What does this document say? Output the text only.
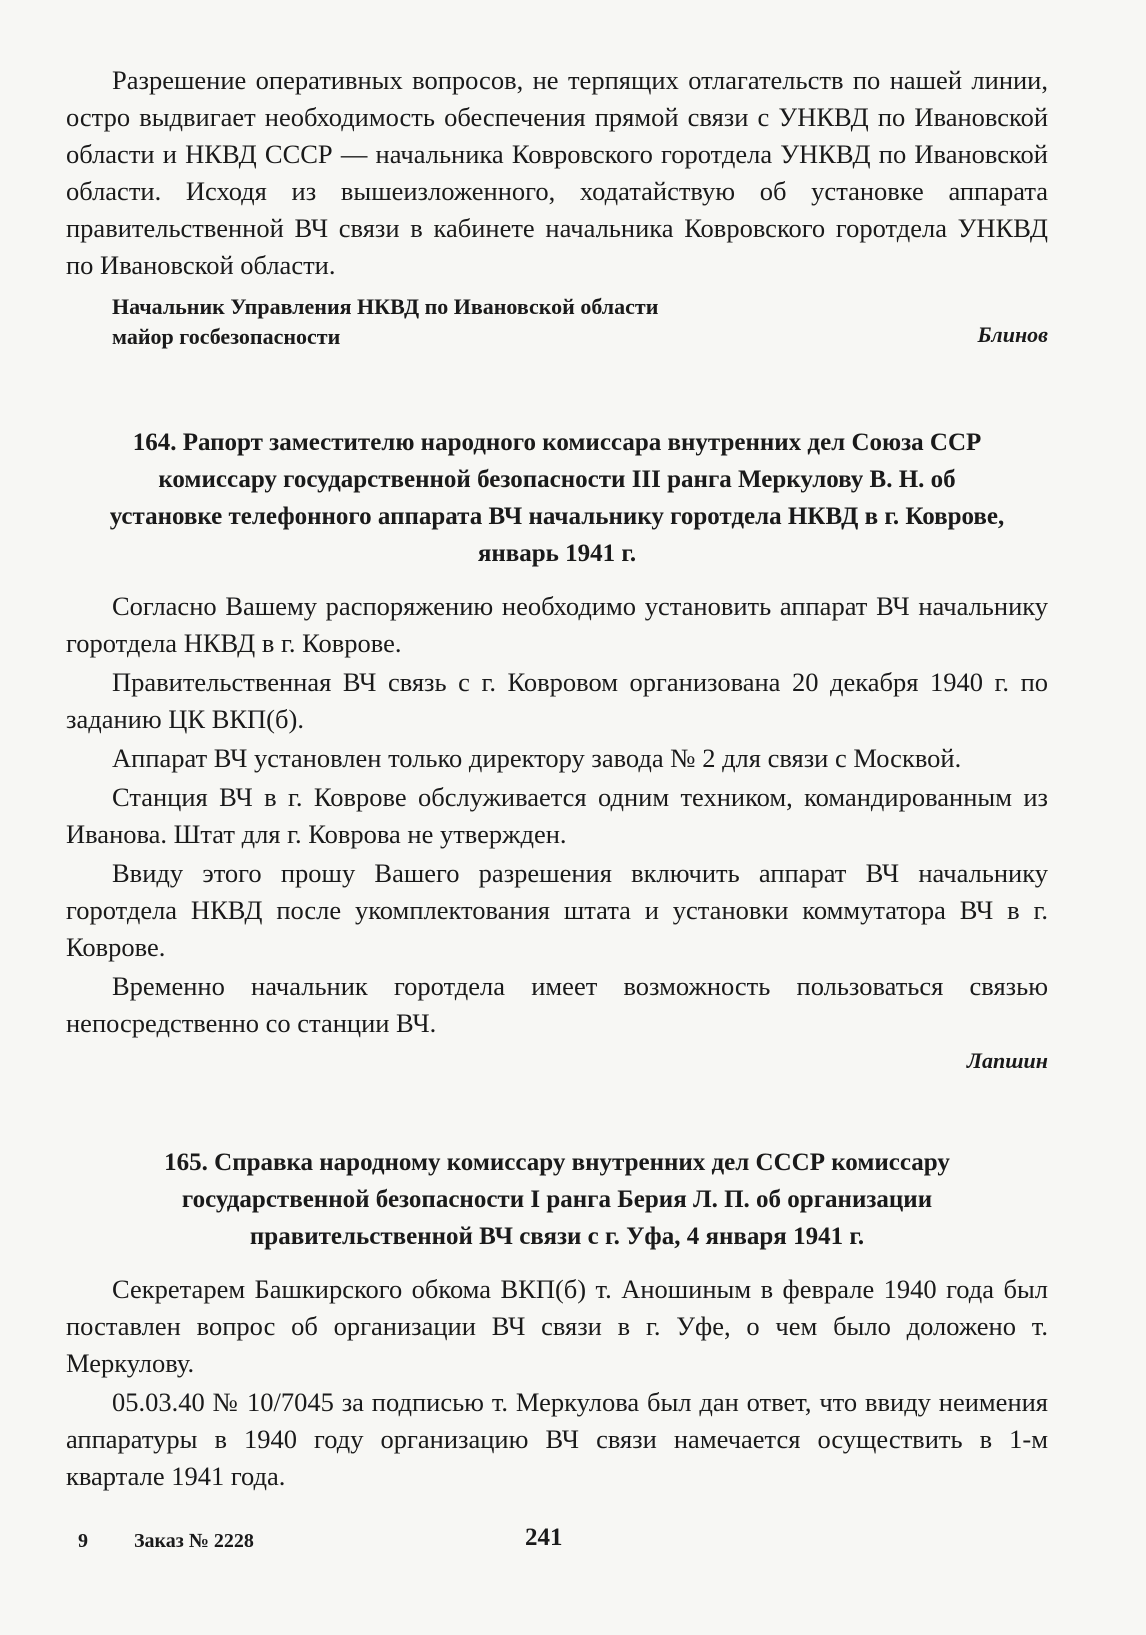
Разрешение оперативных вопросов, не терпящих отлагательств по нашей линии, остро выдвигает необходимость обеспечения прямой связи с УНКВД по Ивановской области и НКВД СССР — начальника Ковровского горотдела УНКВД по Ивановской области. Исходя из вышеизложенного, ходатайствую об установке аппарата правительственной ВЧ связи в кабинете начальника Ковровского горотдела УНКВД по Ивановской области.

Начальник Управления НКВД по Ивановской области
майор госбезопасности	Блинов
164. Рапорт заместителю народного комиссара внутренних дел Союза ССР комиссару государственной безопасности III ранга Меркулову В. Н. об установке телефонного аппарата ВЧ начальнику горотдела НКВД в г. Коврове, январь 1941 г.

Согласно Вашему распоряжению необходимо установить аппарат ВЧ начальнику горотдела НКВД в г. Коврове.

Правительственная ВЧ связь с г. Ковровом организована 20 декабря 1940 г. по заданию ЦК ВКП(б).

Аппарат ВЧ установлен только директору завода № 2 для связи с Москвой.

Станция ВЧ в г. Коврове обслуживается одним техником, командированным из Иванова. Штат для г. Коврова не утвержден.

Ввиду этого прошу Вашего разрешения включить аппарат ВЧ начальнику горотдела НКВД после укомплектования штата и установки коммутатора ВЧ в г. Коврове.

Временно начальник горотдела имеет возможность пользоваться связью непосредственно со станции ВЧ.

Лапшин

165. Справка народному комиссару внутренних дел СССР комиссару государственной безопасности I ранга Берия Л. П. об организации правительственной ВЧ связи с г. Уфа, 4 января 1941 г.

Секретарем Башкирского обкома ВКП(б) т. Аношиным в феврале 1940 года был поставлен вопрос об организации ВЧ связи в г. Уфе, о чем было доложено т. Меркулову.

05.03.40 № 10/7045 за подписью т. Меркулова был дан ответ, что ввиду неимения аппаратуры в 1940 году организацию ВЧ связи намечается осуществить в 1-м квартале 1941 года.

9 Заказ № 2228	241
